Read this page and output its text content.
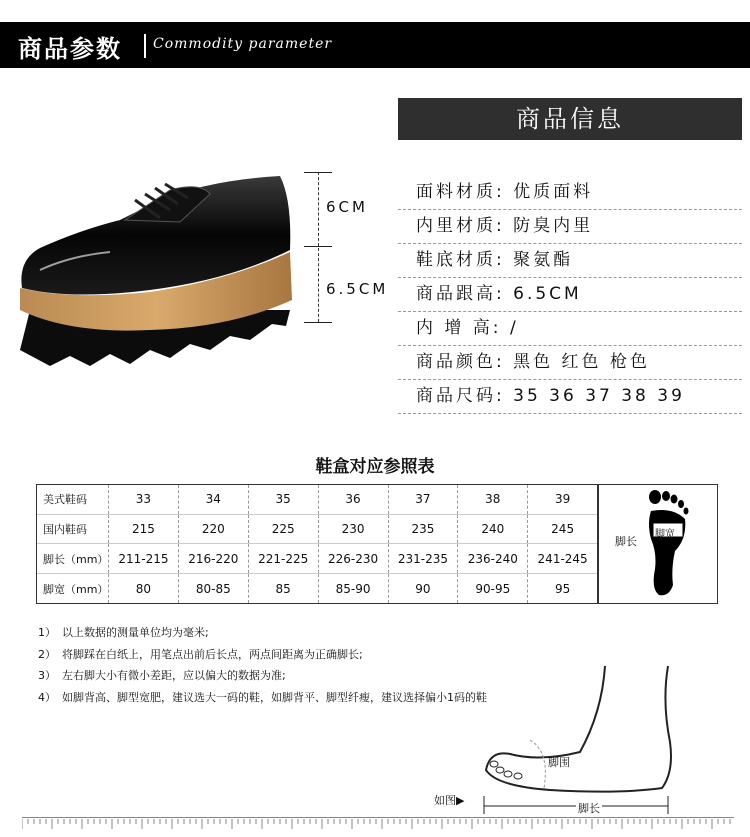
商品参数 Commodity parameter
6CM
6.5CM
商品信息
面料材质: 优质面料
内里材质: 防臭内里
鞋底材质: 聚氨酯
商品跟高: 6.5CM
内 增 高: /
商品颜色: 黑色 红色 枪色
商品尺码: 35 36 37 38 39
鞋盒对应参照表
美式鞋码	33	34	35	36	37	38	39
国内鞋码	215	220	225	230	235	240	245
脚长（mm）	211-215	216-220	221-225	226-230	231-235	236-240	241-245
脚宽（mm）	80	80-85	85	85-90	90	90-95	95
脚长
脚宽
1） 以上数据的测量单位均为毫米;
2） 将脚踩在白纸上，用笔点出前后长点，两点间距离为正确脚长;
3） 左右脚大小有微小差距，应以偏大的数据为准;
4） 如脚背高、脚型宽肥，建议选大一码的鞋，如脚背平、脚型纤瘦，建议选择偏小1码的鞋
脚围
脚长
如图▶
